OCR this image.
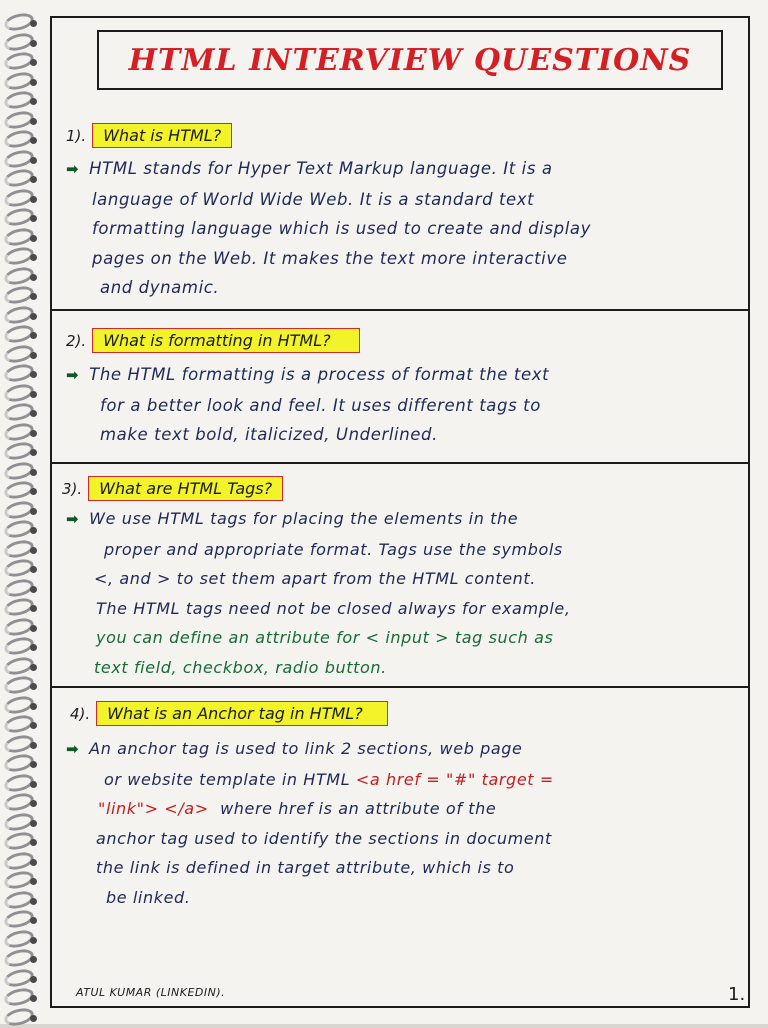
HTML INTERVIEW QUESTIONS
1).	What is HTML?
➡ HTML stands for Hyper Text Markup language. It is a
language of World Wide Web. It is a standard text
formatting language which is used to create and display
pages on the Web. It makes the text more interactive
and dynamic.
2).	What is formatting in HTML?
➡ The HTML formatting is a process of format the text
for a better look and feel. It uses different tags to
make text bold, italicized, Underlined.
3).	What are HTML Tags?
➡ We use HTML tags for placing the elements in the
proper and appropriate format. Tags use the symbols
<, and > to set them apart from the HTML content.
The HTML tags need not be closed always for example,
you can define an attribute for < input > tag such as
text field, checkbox, radio button.
4).	What is an Anchor tag in HTML?
➡ An anchor tag is used to link 2 sections, web page
or website template in HTML <a href = "#" target =
"link"> </a> where href is an attribute of the
anchor tag used to identify the sections in document
the link is defined in target attribute, which is to
be linked.
ATUL KUMAR (LINKEDIN).	1.
